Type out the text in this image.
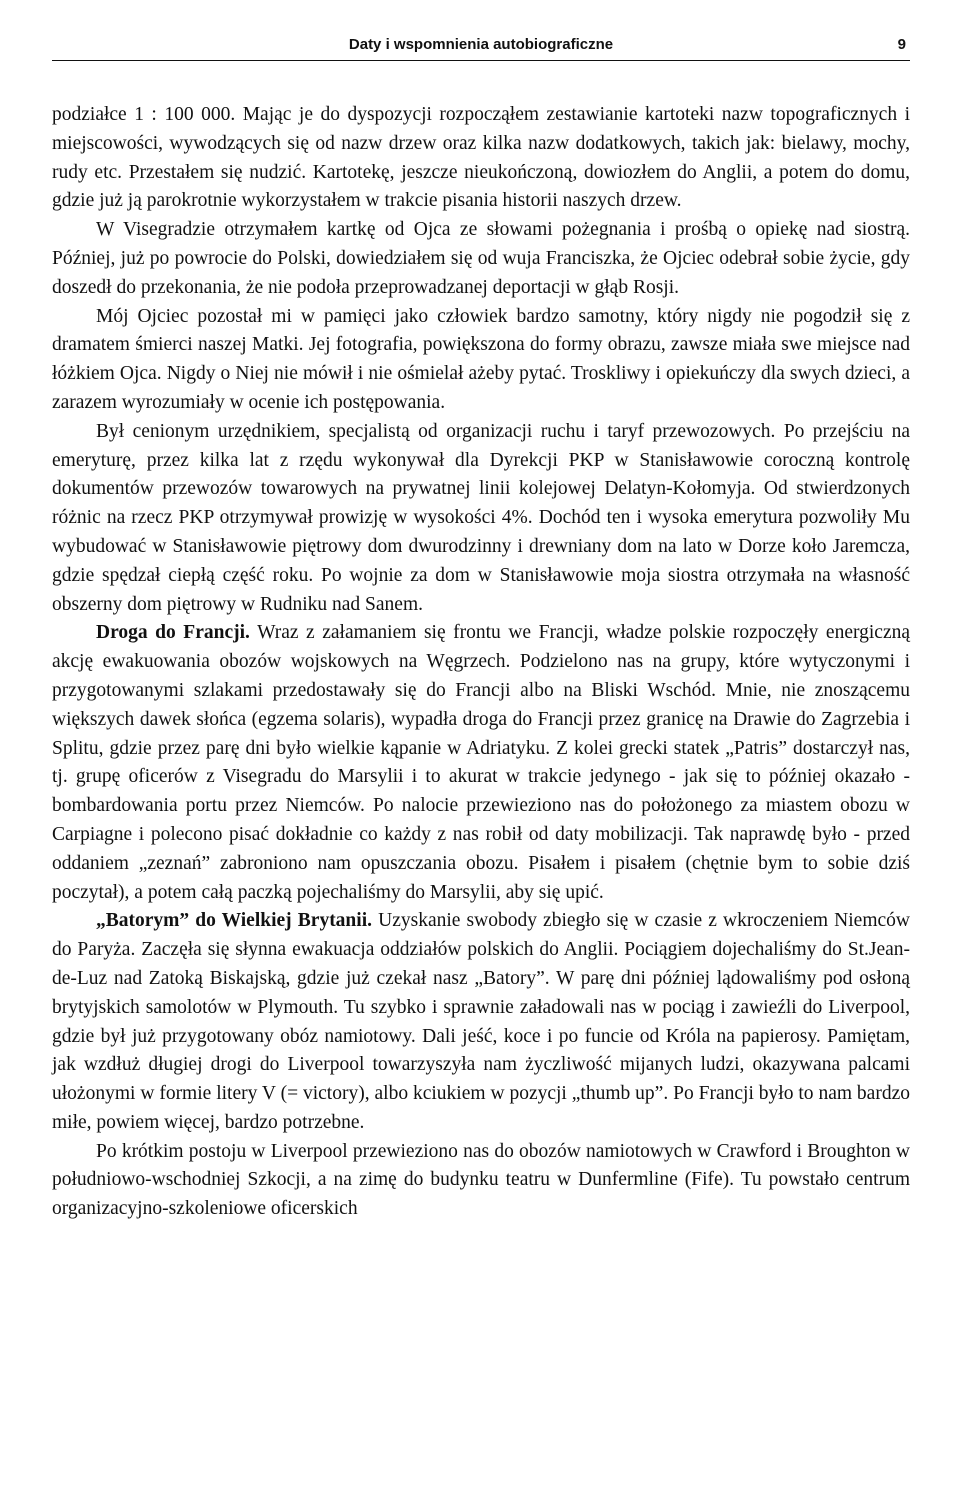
Daty i wspomnienia autobiograficzne	9

podziałce 1 : 100 000. Mając je do dyspozycji rozpocząłem zestawianie kartoteki nazw topograficznych i miejscowości, wywodzących się od nazw drzew oraz kilka nazw dodatkowych, takich jak: bielawy, mochy, rudy etc. Przestałem się nudzić. Kartotekę, jeszcze nieukończoną, dowiozłem do Anglii, a potem do domu, gdzie już ją parokrotnie wykorzystałem w trakcie pisania historii naszych drzew.

W Visegradzie otrzymałem kartkę od Ojca ze słowami pożegnania i prośbą o opiekę nad siostrą. Później, już po powrocie do Polski, dowiedziałem się od wuja Franciszka, że Ojciec odebrał sobie życie, gdy doszedł do przekonania, że nie podoła przeprowadzanej deportacji w głąb Rosji.

Mój Ojciec pozostał mi w pamięci jako człowiek bardzo samotny, który nigdy nie pogodził się z dramatem śmierci naszej Matki. Jej fotografia, powiększona do formy obrazu, zawsze miała swe miejsce nad łóżkiem Ojca. Nigdy o Niej nie mówił i nie ośmielał ażeby pytać. Troskliwy i opiekuńczy dla swych dzieci, a zarazem wyrozumiały w ocenie ich postępowania.

Był cenionym urzędnikiem, specjalistą od organizacji ruchu i taryf przewozowych. Po przejściu na emeryturę, przez kilka lat z rzędu wykonywał dla Dyrekcji PKP w Stanisławowie coroczną kontrolę dokumentów przewozów towarowych na prywatnej linii kolejowej Delatyn-Kołomyja. Od stwierdzonych różnic na rzecz PKP otrzymywał prowizję w wysokości 4%. Dochód ten i wysoka emerytura pozwoliły Mu wybudować w Stanisławowie piętrowy dom dwurodzinny i drewniany dom na lato w Dorze koło Jaremcza, gdzie spędzał ciepłą część roku. Po wojnie za dom w Stanisławowie moja siostra otrzymała na własność obszerny dom piętrowy w Rudniku nad Sanem.

Droga do Francji. Wraz z załamaniem się frontu we Francji, władze polskie rozpoczęły energiczną akcję ewakuowania obozów wojskowych na Węgrzech. Podzielono nas na grupy, które wytyczonymi i przygotowanymi szlakami przedostawały się do Francji albo na Bliski Wschód. Mnie, nie znoszącemu większych dawek słońca (egzema solaris), wypadła droga do Francji przez granicę na Drawie do Zagrzebia i Splitu, gdzie przez parę dni było wielkie kąpanie w Adriatyku. Z kolei grecki statek „Patris” dostarczył nas, tj. grupę oficerów z Visegradu do Marsylii i to akurat w trakcie jedynego - jak się to później okazało - bombardowania portu przez Niemców. Po nalocie przewieziono nas do położonego za miastem obozu w Carpiagne i polecono pisać dokładnie co każdy z nas robił od daty mobilizacji. Tak naprawdę było - przed oddaniem „zeznań” zabroniono nam opuszczania obozu. Pisałem i pisałem (chętnie bym to sobie dziś poczytał), a potem całą paczką pojechaliśmy do Marsylii, aby się upić.

„Batorym” do Wielkiej Brytanii. Uzyskanie swobody zbiegło się w czasie z wkroczeniem Niemców do Paryża. Zaczęła się słynna ewakuacja oddziałów polskich do Anglii. Pociągiem dojechaliśmy do St.Jean-de-Luz nad Zatoką Biskajską, gdzie już czekał nasz „Batory”. W parę dni później lądowaliśmy pod osłoną brytyjskich samolotów w Plymouth. Tu szybko i sprawnie załadowali nas w pociąg i zawieźli do Liverpool, gdzie był już przygotowany obóz namiotowy. Dali jeść, koce i po funcie od Króla na papierosy. Pamiętam, jak wzdłuż długiej drogi do Liverpool towarzyszyła nam życzliwość mijanych ludzi, okazywana palcami ułożonymi w formie litery V (= victory), albo kciukiem w pozycji „thumb up”. Po Francji było to nam bardzo miłe, powiem więcej, bardzo potrzebne.

Po krótkim postoju w Liverpool przewieziono nas do obozów namiotowych w Crawford i Broughton w południowo-wschodniej Szkocji, a na zimę do budynku teatru w Dunfermline (Fife). Tu powstało centrum organizacyjno-szkoleniowe oficerskich
